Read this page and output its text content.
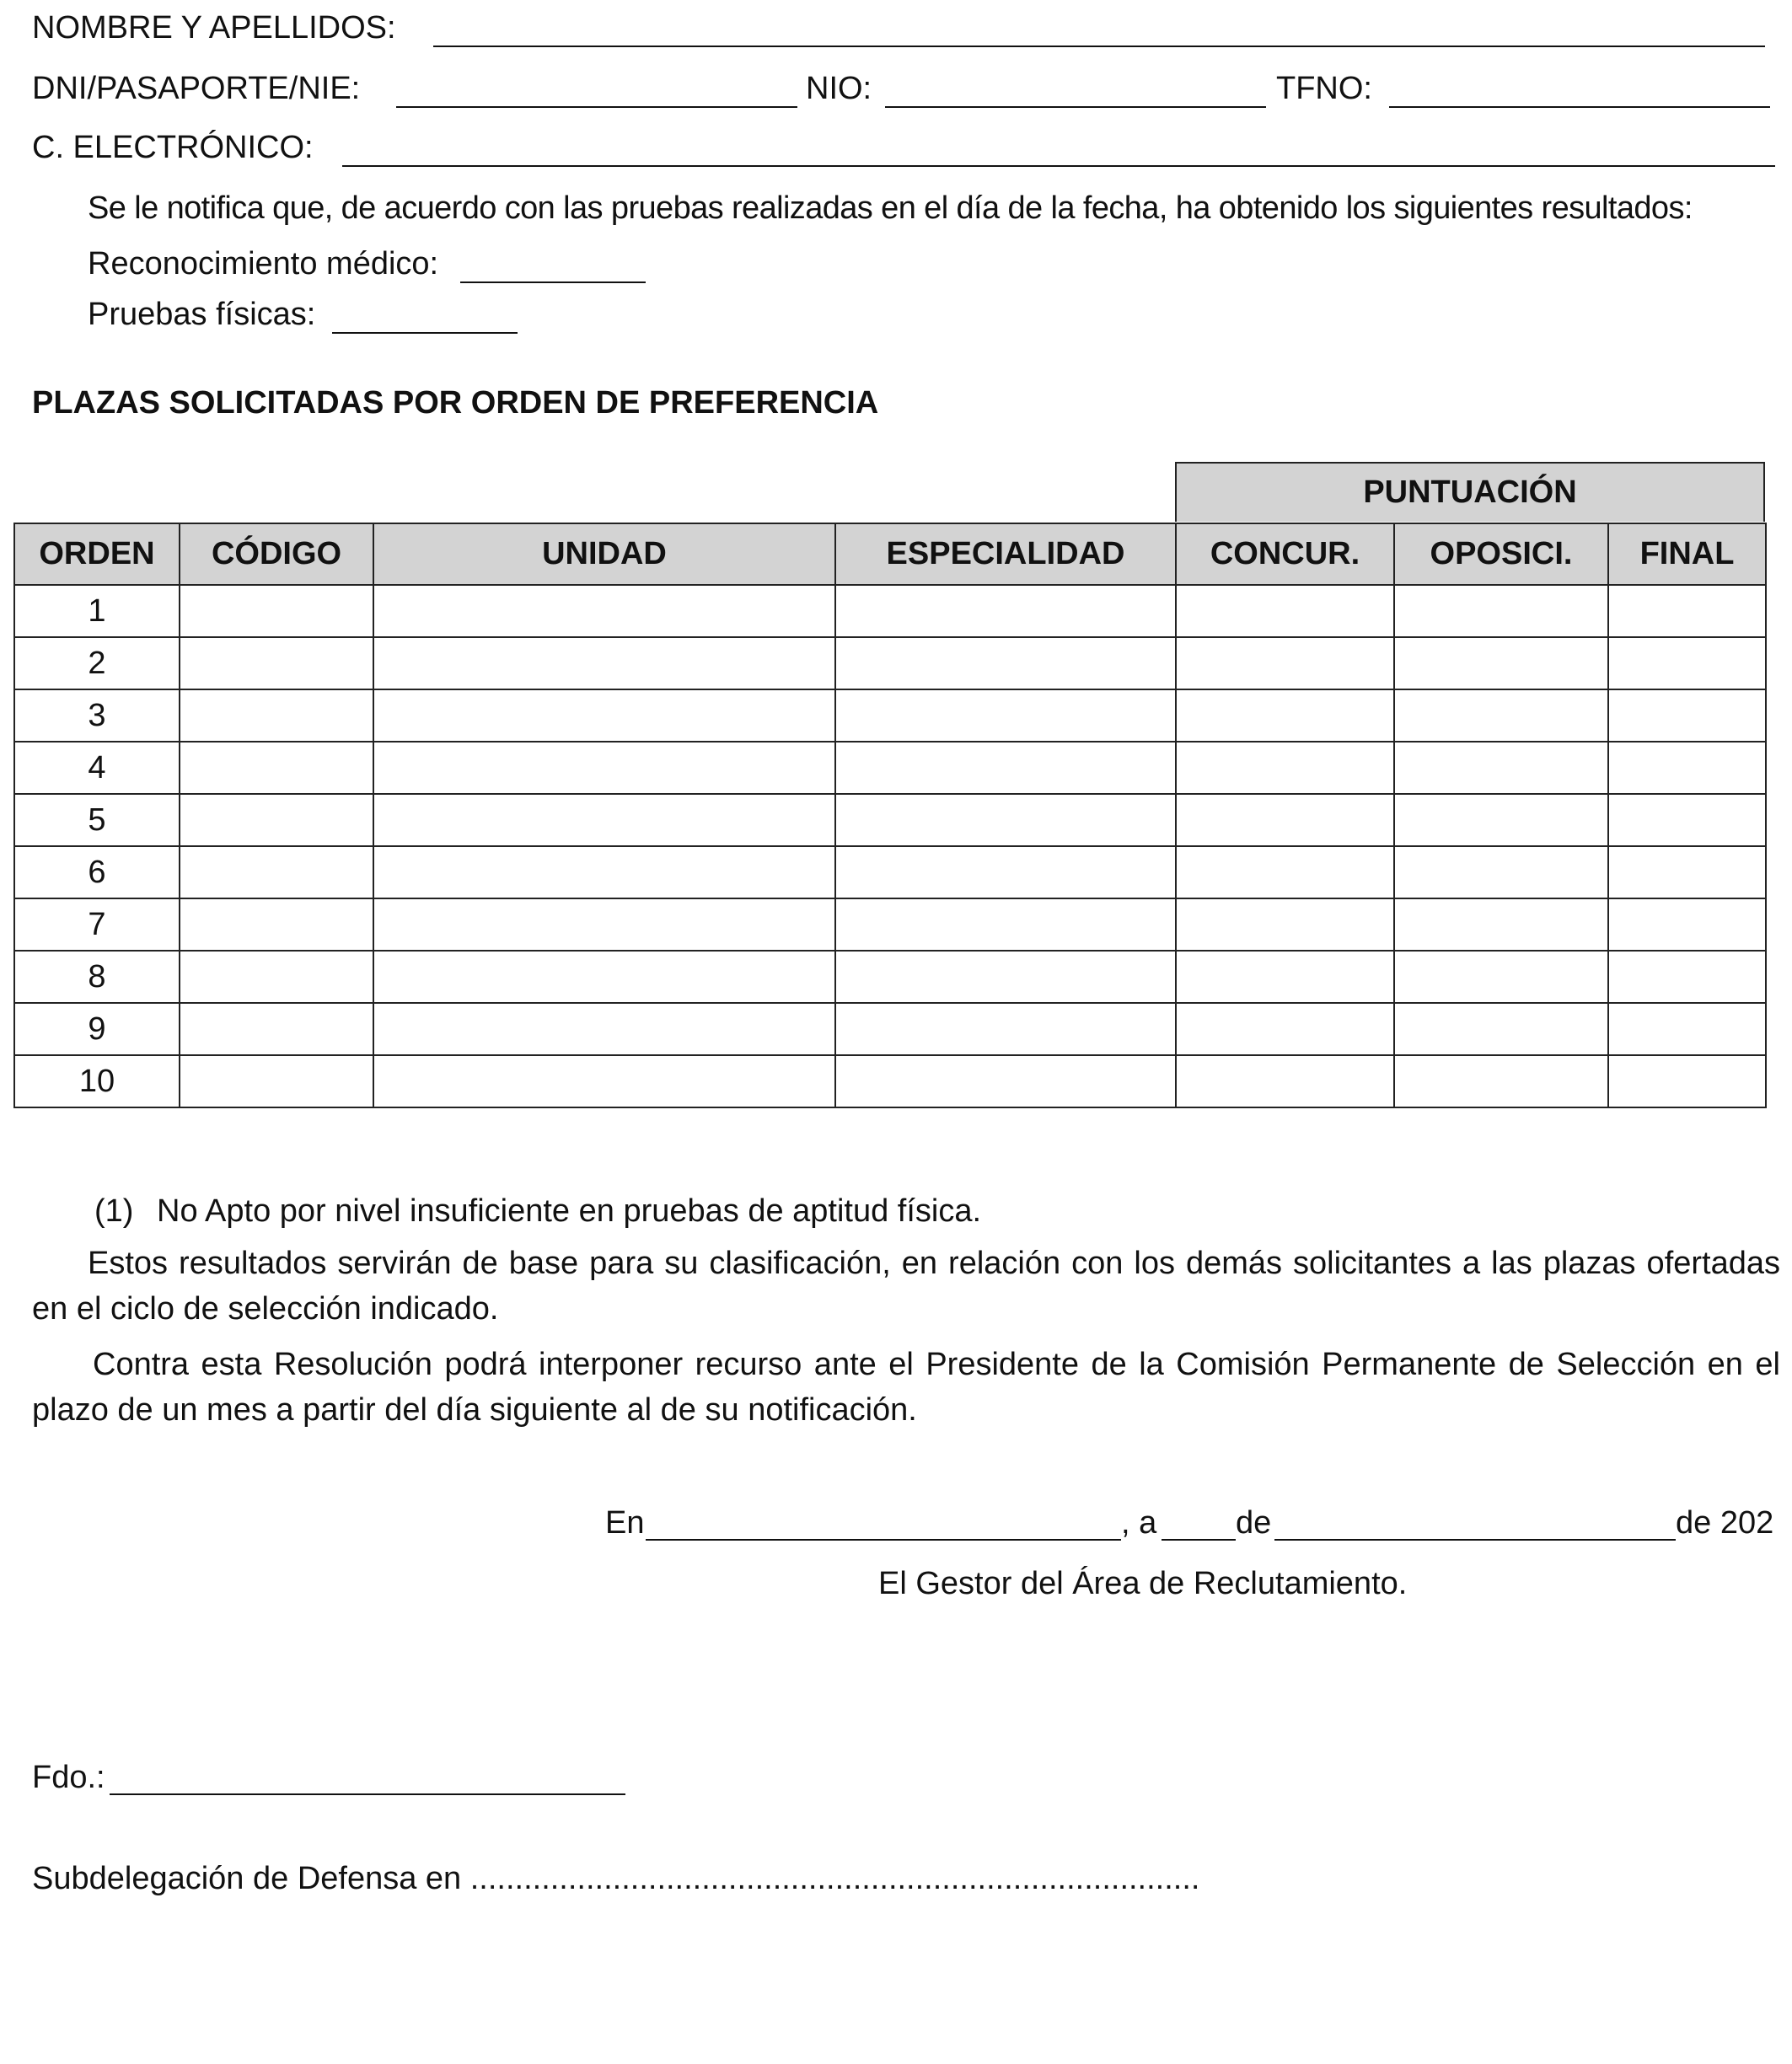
NOMBRE Y APELLIDOS:
DNI/PASAPORTE/NIE:	NIO:	TFNO:
C. ELECTRÓNICO:
Se le notifica que, de acuerdo con las pruebas realizadas en el día de la fecha, ha obtenido los siguientes resultados:
Reconocimiento médico:
Pruebas físicas:
PLAZAS SOLICITADAS POR ORDEN DE PREFERENCIA
PUNTUACIÓN
ORDEN	CÓDIGO	UNIDAD	ESPECIALIDAD	CONCUR.	OPOSICI.	FINAL
1						
2						
3						
4						
5						
6						
7						
8						
9						
10						
(1) No Apto por nivel insuficiente en pruebas de aptitud física.
Estos resultados servirán de base para su clasificación, en relación con los demás solicitantes a las plazas ofertadas en el ciclo de selección indicado.
Contra esta Resolución podrá interponer recurso ante el Presidente de la Comisión Permanente de Selección en el plazo de un mes a partir del día siguiente al de su notificación.
En	, a de	de 202
El Gestor del Área de Reclutamiento.
Fdo.:
Subdelegación de Defensa en ..................................................................................
